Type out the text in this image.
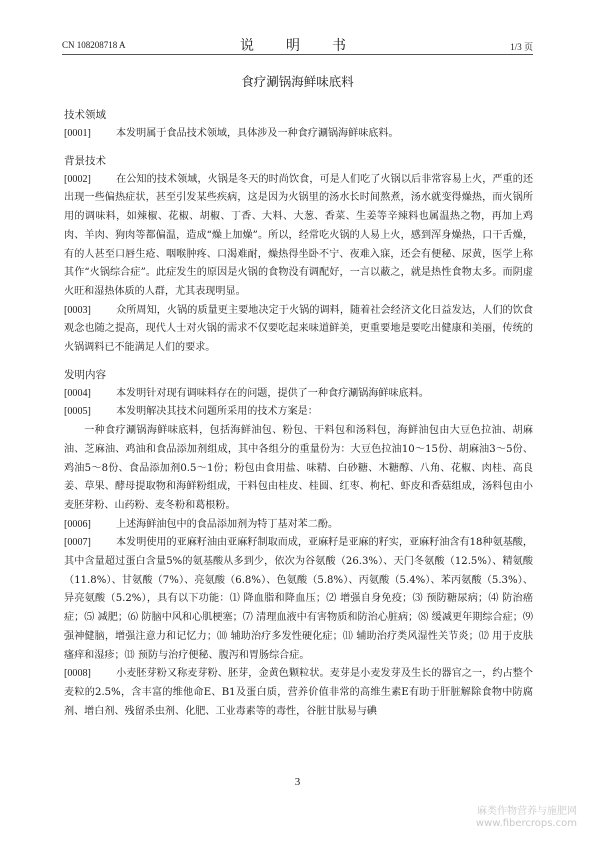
CN 108208718 A	说　明　书	1/3 页
食疗涮锅海鲜味底料
技术领域

[0001] 本发明属于食品技术领域，具体涉及一种食疗涮锅海鲜味底料。

背景技术

[0002] 在公知的技术领域，火锅是冬天的时尚饮食，可是人们吃了火锅以后非常容易上火，严重的还出现一些偏热症状，甚至引发某些疾病，这是因为火锅里的汤水长时间熬煮，汤水就变得燥热，而火锅所用的调味料，如辣椒、花椒、胡椒、丁香、大料、大葱、香菜、生姜等辛辣料也属温热之物，再加上鸡肉、羊肉、狗肉等都偏温，造成“燥上加燥”。所以，经常吃火锅的人易上火，感到浑身燥热，口干舌燥，有的人甚至口唇生疮、咽喉肿疼、口渴难耐，燥热得坐卧不宁、夜难入寐，还会有便秘、尿黄，医学上称其作“火锅综合症”。此症发生的原因是火锅的食物没有调配好，一言以蔽之，就是热性食物太多。而阴虚火旺和湿热体质的人群，尤其表现明显。

[0003] 众所周知，火锅的质量更主要地决定于火锅的调料，随着社会经济文化日益发达，人们的饮食观念也随之提高，现代人士对火锅的需求不仅要吃起来味道鲜美，更重要地是要吃出健康和美丽，传统的火锅调料已不能满足人们的要求。

发明内容

[0004] 本发明针对现有调味料存在的问题，提供了一种食疗涮锅海鲜味底料。

[0005] 本发明解决其技术问题所采用的技术方案是：

一种食疗涮锅海鲜味底料，包括海鲜油包、粉包、干料包和汤料包，海鲜油包由大豆色拉油、胡麻油、芝麻油、鸡油和食品添加剂组成，其中各组分的重量份为：大豆色拉油10～15份、胡麻油3～5份、鸡油5～8份、食品添加剂0.5～1份；粉包由食用盐、味精、白砂糖、木糖醇、八角、花椒、肉桂、高良姜、草果、酵母提取物和海鲜粉组成，干料包由桂皮、桂圆、红枣、枸杞、虾皮和香菇组成，汤料包由小麦胚芽粉、山药粉、麦冬粉和葛根粉。

[0006] 上述海鲜油包中的食品添加剂为特丁基对苯二酚。

[0007] 本发明使用的亚麻籽油由亚麻籽制取而成，亚麻籽是亚麻的籽实，亚麻籽油含有18种氨基酸，其中含量超过蛋白含量5%的氨基酸从多到少，依次为谷氨酸（26.3%）、天门冬氨酸（12.5%）、精氨酸（11.8%）、甘氨酸（7%）、亮氨酸（6.8%）、色氨酸（5.8%）、丙氨酸（5.4%）、苯丙氨酸（5.3%）、异亮氨酸（5.2%），具有以下功能：⑴ 降血脂和降血压；⑵ 增强自身免疫；⑶ 预防糖尿病；⑷ 防治癌症；⑸ 减肥；⑹ 防脑中风和心肌梗塞；⑺ 清理血液中有害物质和防治心脏病；⑻ 缓减更年期综合症；⑼ 强神健脑，增强注意力和记忆力；⑽ 辅助治疗多发性硬化症；⑾ 辅助治疗类风湿性关节炎；⑿ 用于皮肤瘙痒和湿疹；⒀ 预防与治疗便秘、腹泻和胃肠综合症。

[0008] 小麦胚芽粉又称麦芽粉、胚芽，金黄色颗粒状。麦芽是小麦发芽及生长的器官之一，约占整个麦粒的2.5%，含丰富的维他命E、B1及蛋白质，营养价值非常的高维生素E有助于肝脏解除食物中防腐剂、增白剂、残留杀虫剂、化肥、工业毒素等的毒性，谷脏甘肽易与碘

3
麻类作物营养与施肥网
www.fibercrops.com
